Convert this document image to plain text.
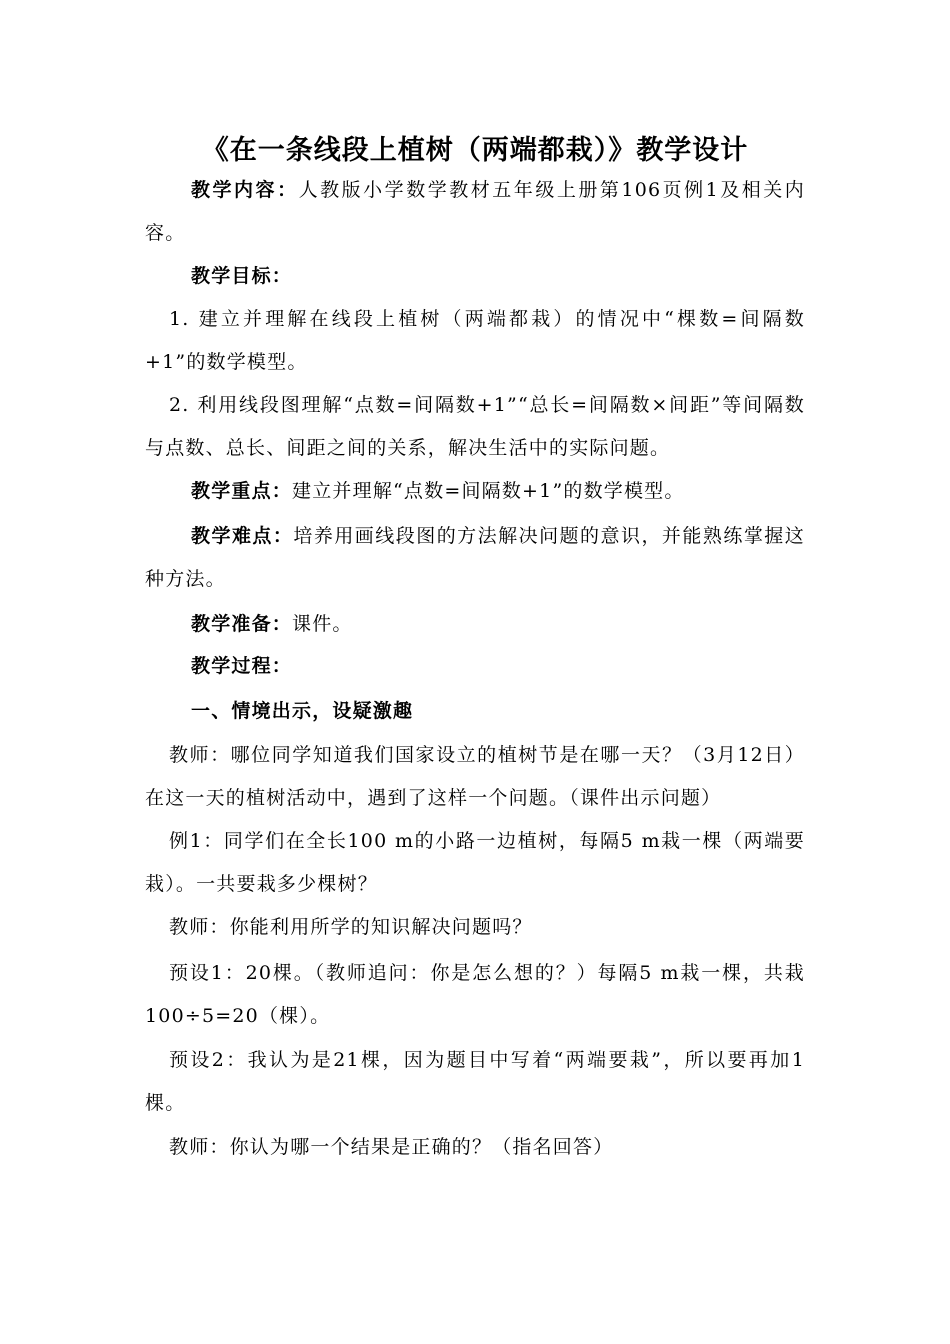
《在一条线段上植树（两端都栽）》教学设计
教学内容：人教版小学数学教材五年级上册第106页例1及相关内容。
教学目标：
1. 建立并理解在线段上植树（两端都栽）的情况中“棵数=间隔数+1”的数学模型。
2. 利用线段图理解“点数=间隔数+1”“总长=间隔数×间距”等间隔数与点数、总长、间距之间的关系，解决生活中的实际问题。
教学重点：建立并理解“点数=间隔数+1”的数学模型。
教学难点：培养用画线段图的方法解决问题的意识，并能熟练掌握这种方法。
教学准备：课件。
教学过程：
一、情境出示，设疑激趣
教师：哪位同学知道我们国家设立的植树节是在哪一天？（3月12日）在这一天的植树活动中，遇到了这样一个问题。（课件出示问题）
例1：同学们在全长100 m的小路一边植树，每隔5 m栽一棵（两端要栽）。一共要栽多少棵树？
教师：你能利用所学的知识解决问题吗？
预设1：20棵。（教师追问：你是怎么想的？）每隔5 m栽一棵，共栽100÷5=20（棵）。
预设2：我认为是21棵，因为题目中写着“两端要栽”，所以要再加1棵。
教师：你认为哪一个结果是正确的？（指名回答）
